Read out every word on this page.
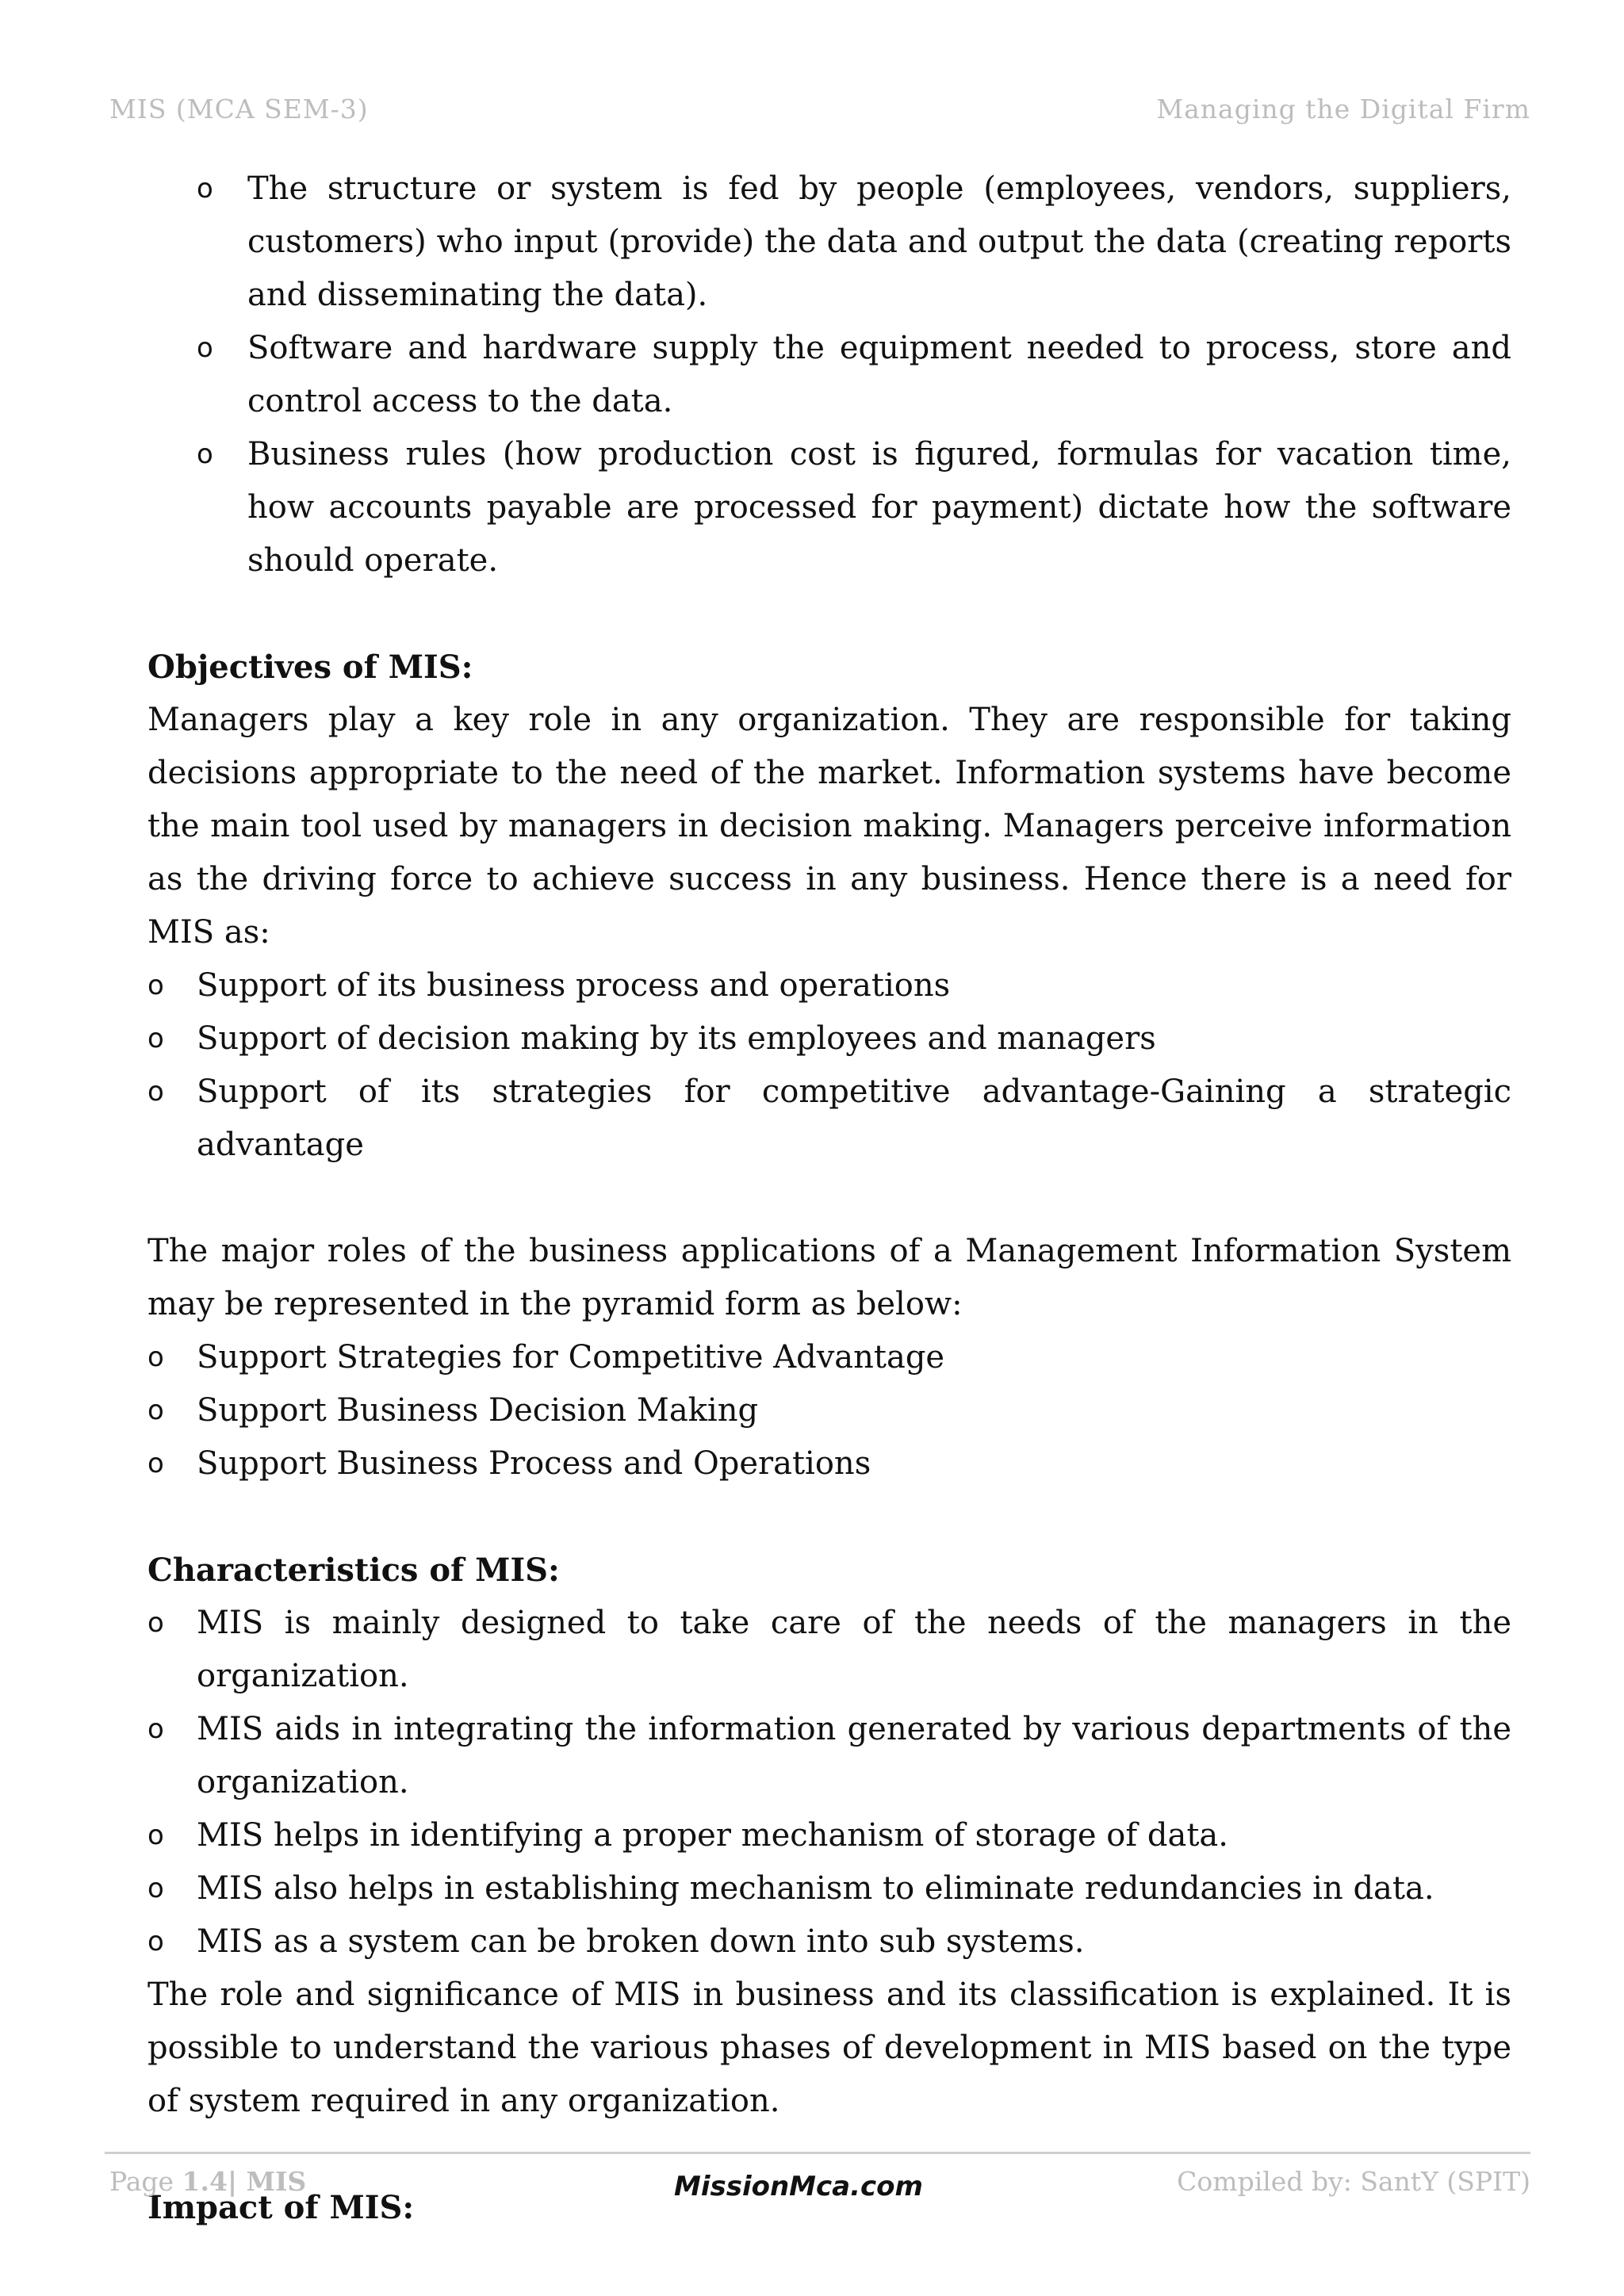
MIS (MCA SEM-3)	Managing the Digital Firm
o The structure or system is fed by people (employees, vendors, suppliers, customers) who input (provide) the data and output the data (creating reports and disseminating the data).
o Software and hardware supply the equipment needed to process, store and control access to the data.
o Business rules (how production cost is figured, formulas for vacation time, how accounts payable are processed for payment) dictate how the software should operate.
Objectives of MIS:

Managers play a key role in any organization. They are responsible for taking decisions appropriate to the need of the market. Information systems have become the main tool used by managers in decision making. Managers perceive information as the driving force to achieve success in any business. Hence there is a need for MIS as:

o Support of its business process and operations
o Support of decision making by its employees and managers
o Support of its strategies for competitive advantage-Gaining a strategic advantage

The major roles of the business applications of a Management Information System may be represented in the pyramid form as below:

o Support Strategies for Competitive Advantage
o Support Business Decision Making
o Support Business Process and Operations
Characteristics of MIS:
o MIS is mainly designed to take care of the needs of the managers in the organization.
o MIS aids in integrating the information generated by various departments of the organization.
o MIS helps in identifying a proper mechanism of storage of data.
o MIS also helps in establishing mechanism to eliminate redundancies in data.
o MIS as a system can be broken down into sub systems.

The role and significance of MIS in business and its classification is explained. It is possible to understand the various phases of development in MIS based on the type of system required in any organization.

Impact of MIS:
Page 1.4| MIS	MissionMca.com	Compiled by: SantY (SPIT)
